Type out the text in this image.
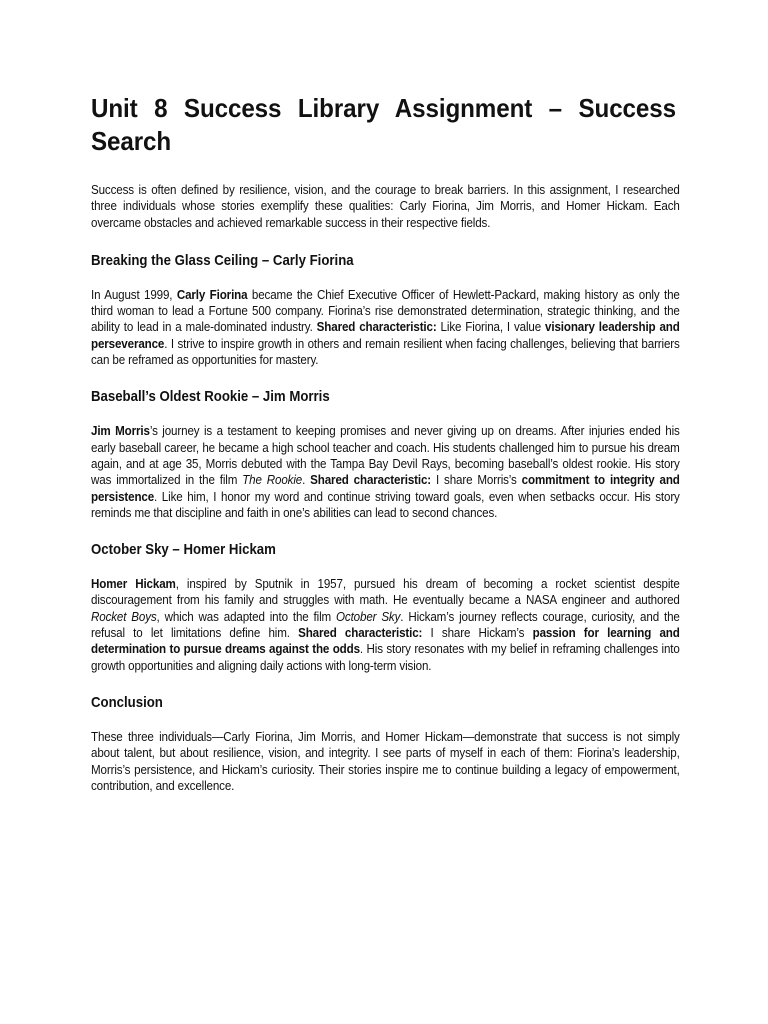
Unit 8 Success Library Assignment – Success Search

Success is often defined by resilience, vision, and the courage to break barriers. In this assignment, I researched three individuals whose stories exemplify these qualities: Carly Fiorina, Jim Morris, and Homer Hickam. Each overcame obstacles and achieved remarkable success in their respective fields.

Breaking the Glass Ceiling – Carly Fiorina

In August 1999, Carly Fiorina became the Chief Executive Officer of Hewlett-Packard, making history as only the third woman to lead a Fortune 500 company. Fiorina’s rise demonstrated determination, strategic thinking, and the ability to lead in a male-dominated industry. Shared characteristic: Like Fiorina, I value visionary leadership and perseverance. I strive to inspire growth in others and remain resilient when facing challenges, believing that barriers can be reframed as opportunities for mastery.

Baseball’s Oldest Rookie – Jim Morris

Jim Morris’s journey is a testament to keeping promises and never giving up on dreams. After injuries ended his early baseball career, he became a high school teacher and coach. His students challenged him to pursue his dream again, and at age 35, Morris debuted with the Tampa Bay Devil Rays, becoming baseball’s oldest rookie. His story was immortalized in the film The Rookie. Shared characteristic: I share Morris’s commitment to integrity and persistence. Like him, I honor my word and continue striving toward goals, even when setbacks occur. His story reminds me that discipline and faith in one’s abilities can lead to second chances.

October Sky – Homer Hickam

Homer Hickam, inspired by Sputnik in 1957, pursued his dream of becoming a rocket scientist despite discouragement from his family and struggles with math. He eventually became a NASA engineer and authored Rocket Boys, which was adapted into the film October Sky. Hickam’s journey reflects courage, curiosity, and the refusal to let limitations define him. Shared characteristic: I share Hickam’s passion for learning and determination to pursue dreams against the odds. His story resonates with my belief in reframing challenges into growth opportunities and aligning daily actions with long-term vision.

Conclusion

These three individuals—Carly Fiorina, Jim Morris, and Homer Hickam—demonstrate that success is not simply about talent, but about resilience, vision, and integrity. I see parts of myself in each of them: Fiorina’s leadership, Morris’s persistence, and Hickam’s curiosity. Their stories inspire me to continue building a legacy of empowerment, contribution, and excellence.
